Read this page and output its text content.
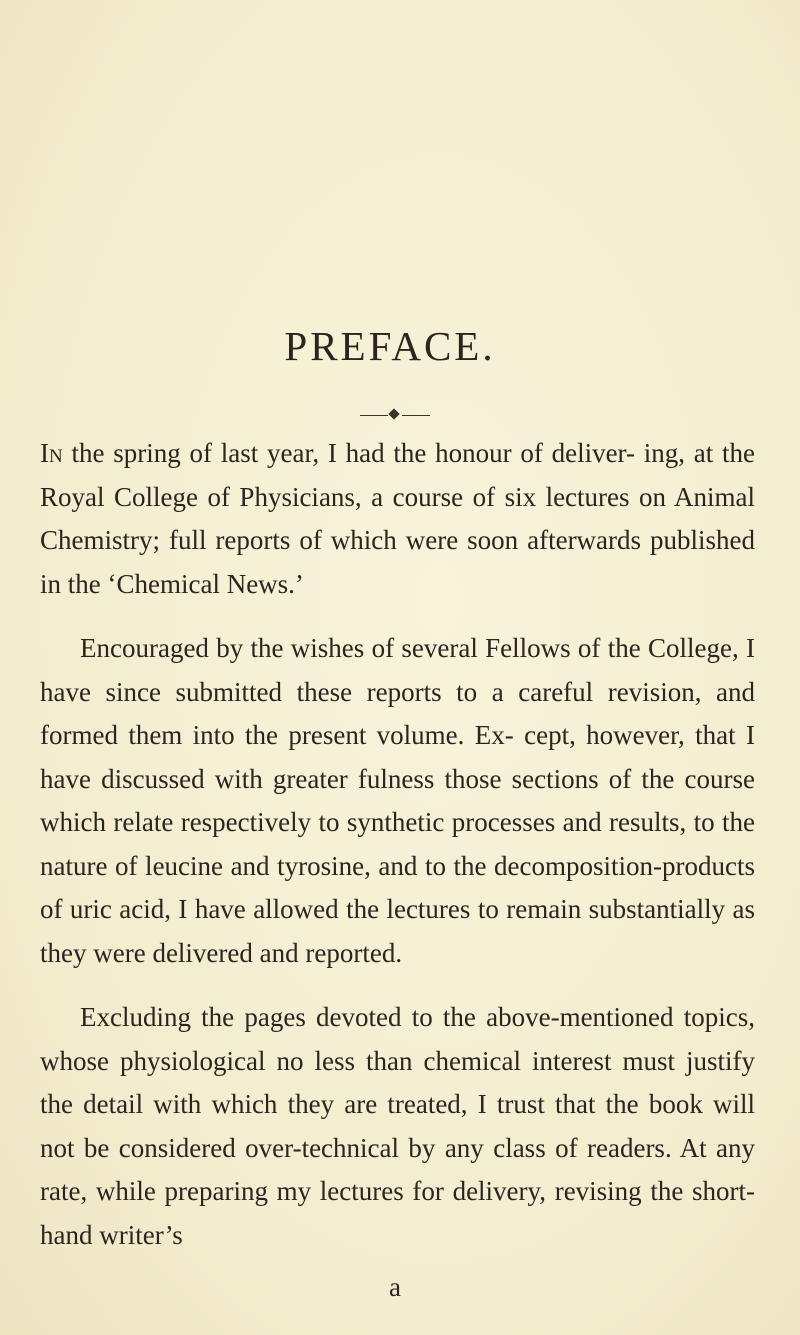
PREFACE.

In the spring of last year, I had the honour of deliver- ing, at the Royal College of Physicians, a course of six lectures on Animal Chemistry; full reports of which were soon afterwards published in the ‘Chemical News.’

Encouraged by the wishes of several Fellows of the College, I have since submitted these reports to a careful revision, and formed them into the present volume. Ex- cept, however, that I have discussed with greater fulness those sections of the course which relate respectively to synthetic processes and results, to the nature of leucine and tyrosine, and to the decomposition-products of uric acid, I have allowed the lectures to remain substantially as they were delivered and reported.

Excluding the pages devoted to the above-mentioned topics, whose physiological no less than chemical interest must justify the detail with which they are treated, I trust that the book will not be considered over-technical by any class of readers. At any rate, while preparing my lectures for delivery, revising the short-hand writer’s

a
